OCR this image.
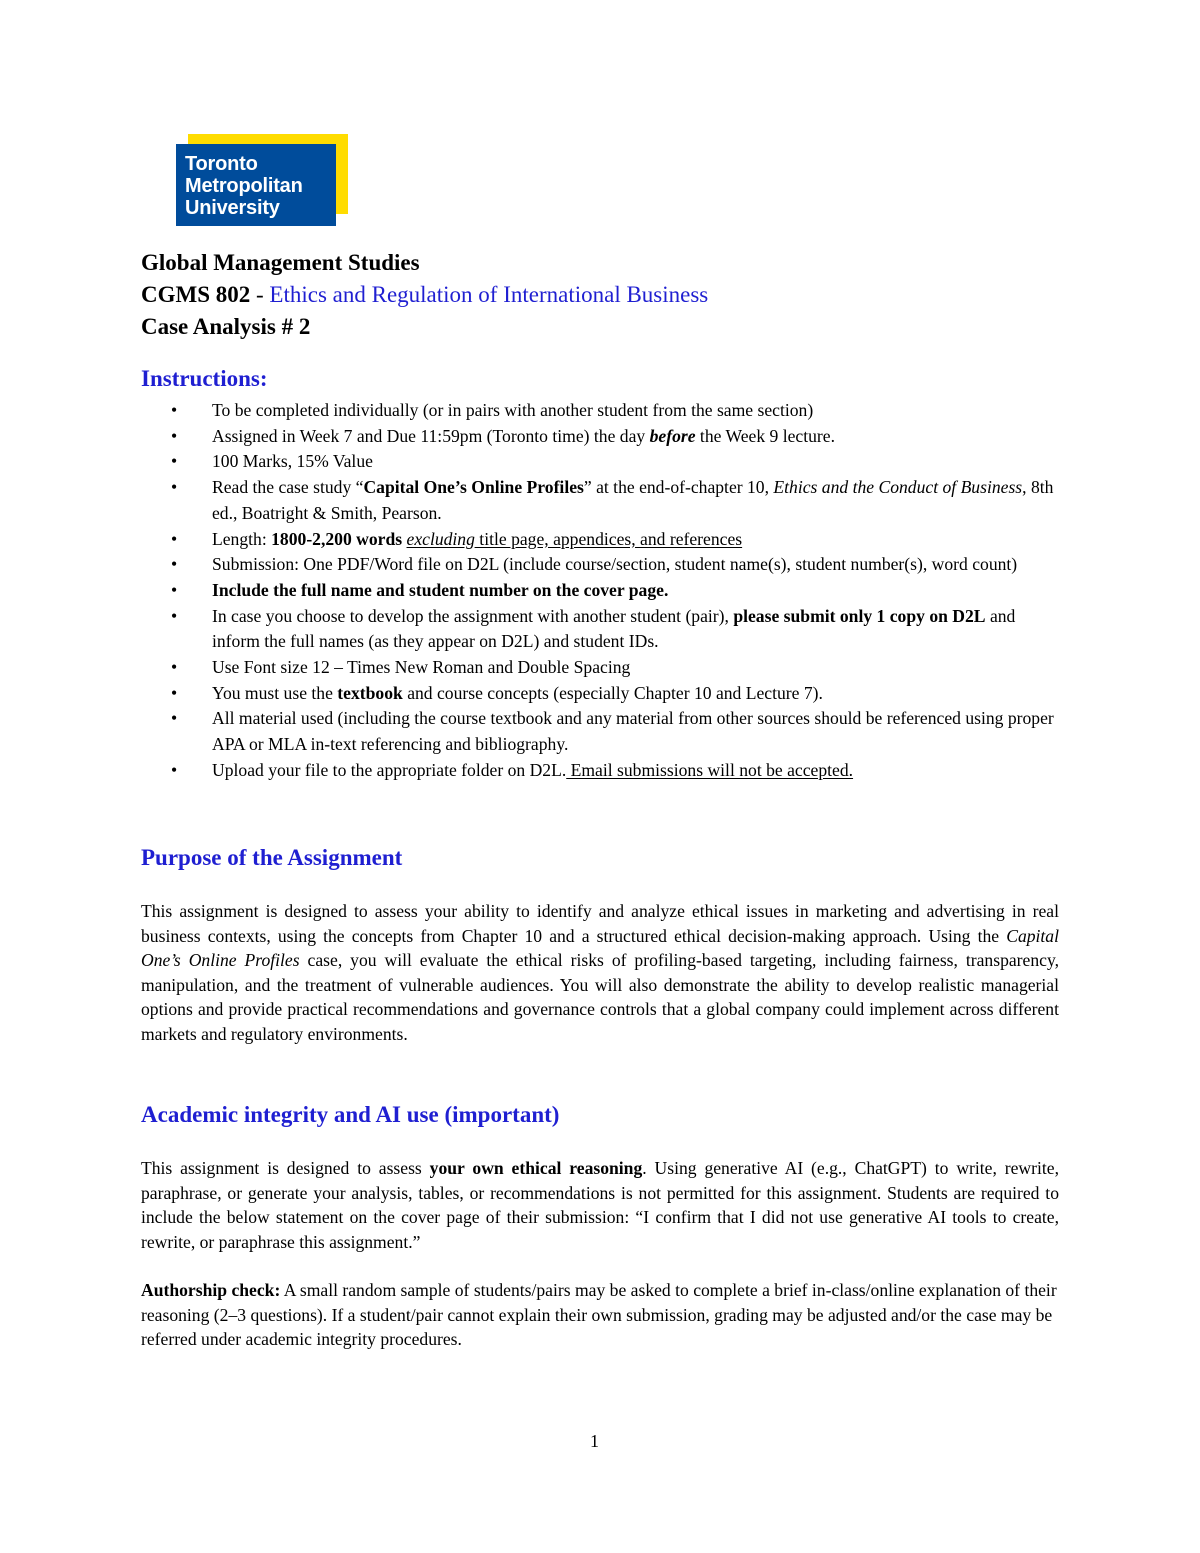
Toronto
Metropolitan
University
Global Management Studies
CGMS 802 - Ethics and Regulation of International Business
Case Analysis # 2
Instructions:
• To be completed individually (or in pairs with another student from the same section)
• Assigned in Week 7 and Due 11:59pm (Toronto time) the day before the Week 9 lecture.
• 100 Marks, 15% Value
• Read the case study “Capital One’s Online Profiles” at the end-of-chapter 10, Ethics and the Conduct of Business, 8th ed., Boatright & Smith, Pearson.
• Length: 1800-2,200 words excluding title page, appendices, and references
• Submission: One PDF/Word file on D2L (include course/section, student name(s), student number(s), word count)
• Include the full name and student number on the cover page.
• In case you choose to develop the assignment with another student (pair), please submit only 1 copy on D2L and inform the full names (as they appear on D2L) and student IDs.
• Use Font size 12 – Times New Roman and Double Spacing
• You must use the textbook and course concepts (especially Chapter 10 and Lecture 7).
• All material used (including the course textbook and any material from other sources should be referenced using proper APA or MLA in-text referencing and bibliography.
• Upload your file to the appropriate folder on D2L. Email submissions will not be accepted.
Purpose of the Assignment
This assignment is designed to assess your ability to identify and analyze ethical issues in marketing and advertising in real business contexts, using the concepts from Chapter 10 and a structured ethical decision-making approach. Using the Capital One’s Online Profiles case, you will evaluate the ethical risks of profiling-based targeting, including fairness, transparency, manipulation, and the treatment of vulnerable audiences. You will also demonstrate the ability to develop realistic managerial options and provide practical recommendations and governance controls that a global company could implement across different markets and regulatory environments.
Academic integrity and AI use (important)
This assignment is designed to assess your own ethical reasoning. Using generative AI (e.g., ChatGPT) to write, rewrite, paraphrase, or generate your analysis, tables, or recommendations is not permitted for this assignment. Students are required to include the below statement on the cover page of their submission: “I confirm that I did not use generative AI tools to create, rewrite, or paraphrase this assignment.”
Authorship check: A small random sample of students/pairs may be asked to complete a brief in-class/online explanation of their reasoning (2–3 questions). If a student/pair cannot explain their own submission, grading may be adjusted and/or the case may be referred under academic integrity procedures.
1
